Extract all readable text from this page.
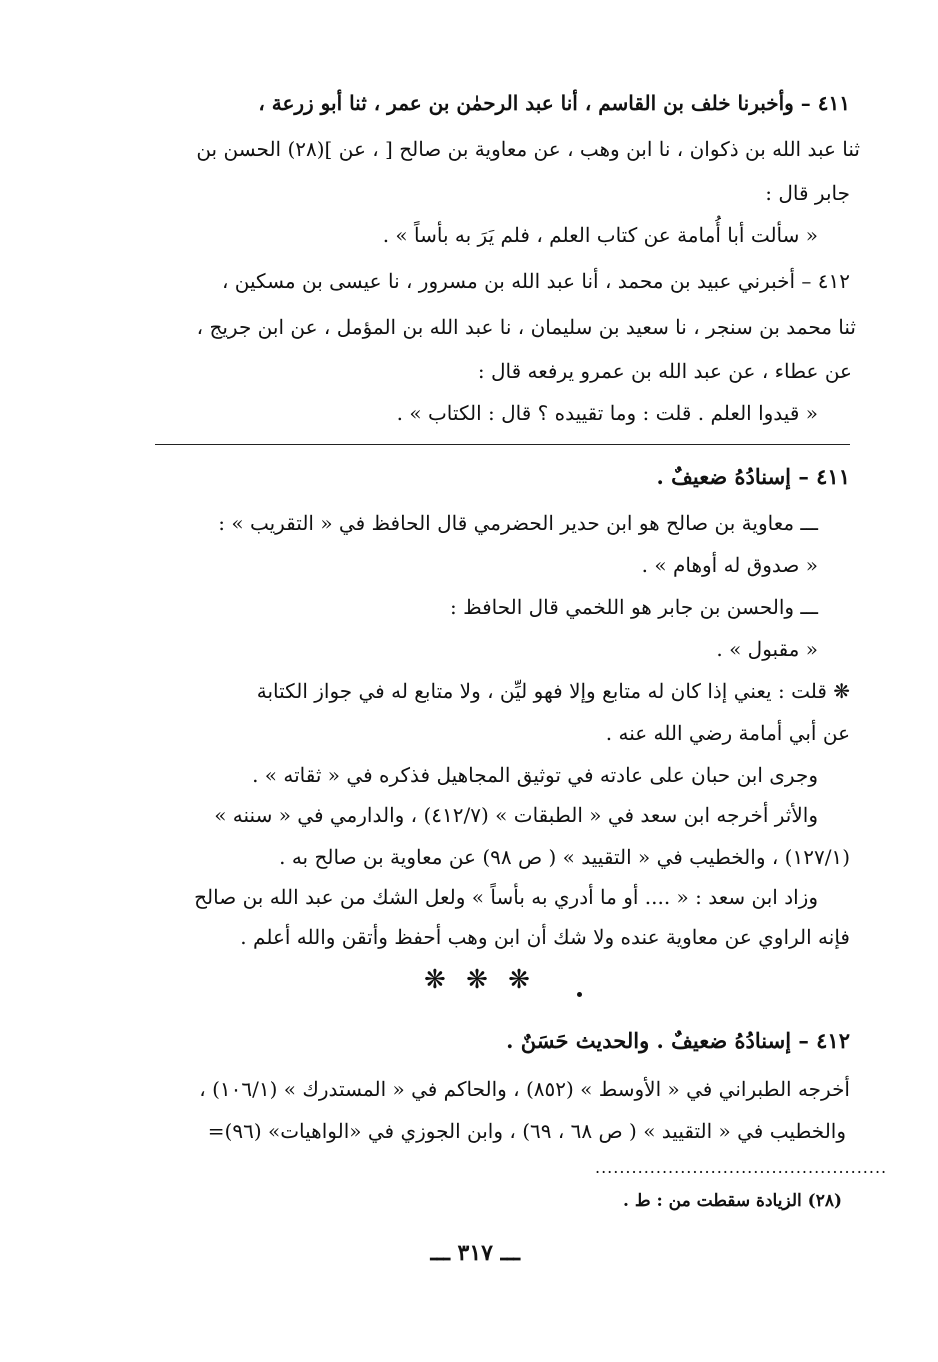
٤١١ – وأخبرنا خلف بن القاسم ، أنا عبد الرحمٰن بن عمر ، ثنا أبو زرعة ،
ثنا عبد الله بن ذكوان ، نا ابن وهب ، عن معاوية بن صالح [ ، عن ](٢٨) الحسن بن
جابر قال :
« سألت أبا أُمامة عن كتاب العلم ، فلم يَرَ به بأساً » .
٤١٢ – أخبرني عبيد بن محمد ، أنا عبد الله بن مسرور ، نا عيسى بن مسكين ،
ثنا محمد بن سنجر ، نا سعيد بن سليمان ، نا عبد الله بن المؤمل ، عن ابن جريج ،
عن عطاء ، عن عبد الله بن عمرو يرفعه قال :
« قيدوا العلم . قلت : وما تقييده ؟ قال : الكتاب » .
٤١١ – إسنادُهُ ضعيفٌ .
ـــ معاوية بن صالح هو ابن حدير الحضرمي قال الحافظ في « التقريب » :
« صدوق له أوهام » .
ـــ والحسن بن جابر هو اللخمي قال الحافظ :
« مقبول » .
❋ قلت : يعني إذا كان له متابع وإلا فهو ليِّن ، ولا متابع له في جواز الكتابة
عن أبي أمامة رضي الله عنه .
وجرى ابن حبان على عادته في توثيق المجاهيل فذكره في « ثقاته » .
والأثر أخرجه ابن سعد في « الطبقات » (٤١٢/٧) ، والدارمي في « سننه »
(١٢٧/١) ، والخطيب في « التقييد » ( ص ٩٨) عن معاوية بن صالح به .
وزاد ابن سعد : « .... أو ما أدري به بأساً » ولعل الشك من عبد الله بن صالح
فإنه الراوي عن معاوية عنده ولا شك أن ابن وهب أحفظ وأتقن والله أعلم .
❋ ❋ ❋
٤١٢ – إسنادُهُ ضعيفٌ . والحديث حَسَنٌ .
أخرجه الطبراني في « الأوسط » (٨٥٢) ، والحاكم في « المستدرك » (١٠٦/١) ،
والخطيب في « التقييد » ( ص ٦٨ ، ٦٩) ، وابن الجوزي في «الواهيات» (٩٦)=
................................................
(٢٨) الزيادة سقطت من : ط .
ـــ ٣١٧ ـــ
